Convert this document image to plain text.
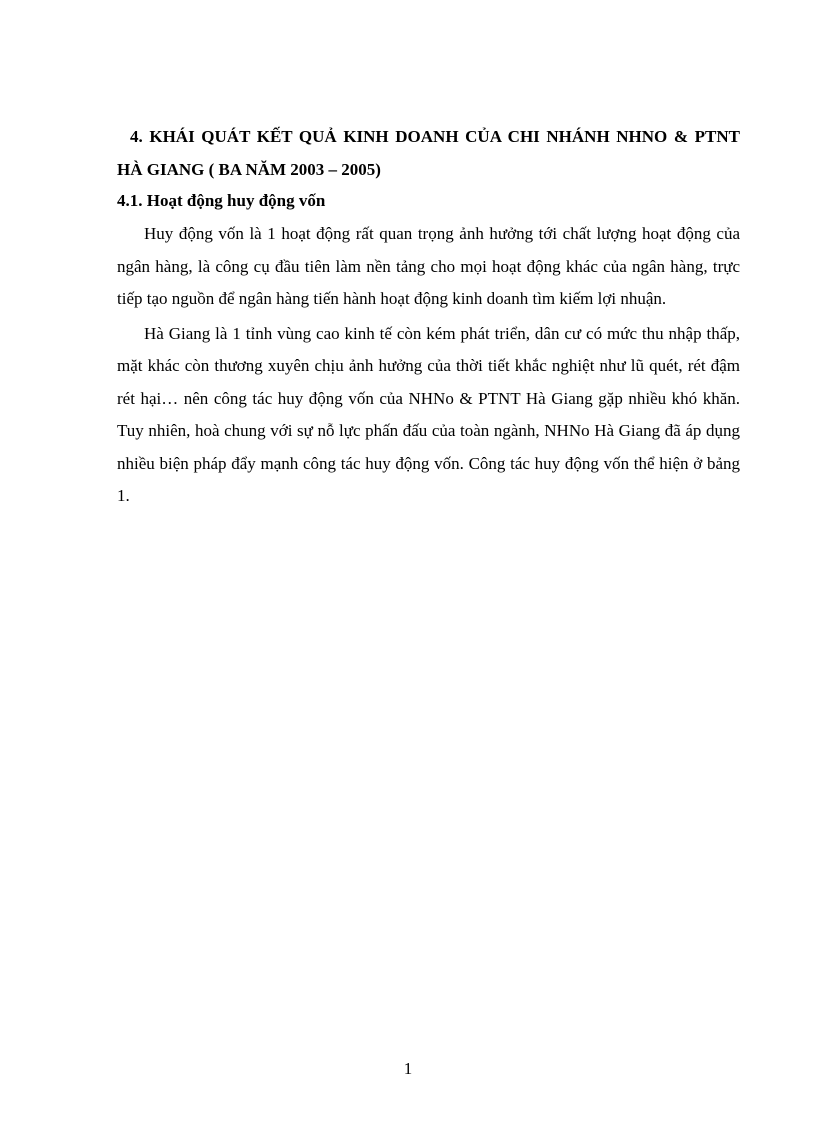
4. KHÁI QUÁT KẾT QUẢ KINH DOANH CỦA CHI NHÁNH NHNO & PTNT HÀ GIANG ( BA NĂM 2003 – 2005)

4.1. Hoạt động huy động vốn

Huy động vốn là 1 hoạt động rất quan trọng ảnh hưởng tới chất lượng hoạt động của ngân hàng, là công cụ đầu tiên làm nền tảng cho mọi hoạt động khác của ngân hàng, trực tiếp tạo nguồn để ngân hàng tiến hành hoạt động kinh doanh tìm kiếm lợi nhuận.

Hà Giang là 1 tỉnh vùng cao kinh tế còn kém phát triển, dân cư có mức thu nhập thấp, mặt khác còn thương xuyên chịu ảnh hưởng của thời tiết khắc nghiệt như lũ quét, rét đậm rét hại… nên công tác huy động vốn của NHNo & PTNT Hà Giang gặp nhiều khó khăn. Tuy nhiên, hoà chung với sự nỗ lực phấn đấu của toàn ngành, NHNo Hà Giang đã áp dụng nhiều biện pháp đẩy mạnh công tác huy động vốn. Công tác huy động vốn thể hiện ở bảng 1.

1
